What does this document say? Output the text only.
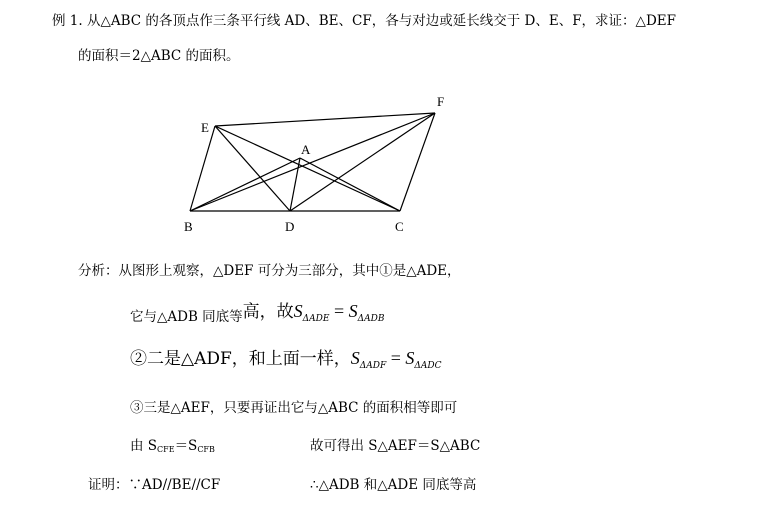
例 1. 从△ABC 的各顶点作三条平行线 AD、BE、CF，各与对边或延长线交于 D、E、F，求证：△DEF
的面积＝2△ABC 的面积。
E
F
A
B	D	C
分析：从图形上观察，△DEF 可分为三部分，其中①是△ADE，
它与△ADB 同底等高，故$S_{\Delta ADE} = S_{\Delta ADB}$
②二是△ADF，和上面一样，$S_{\Delta ADF} = S_{\Delta ADC}$
③三是△AEF，只要再证出它与△ABC 的面积相等即可
由 SCFE＝SCFB	故可得出 S△AEF＝S△ABC
证明：∵AD//BE//CF	∴△ADB 和△ADE 同底等高
